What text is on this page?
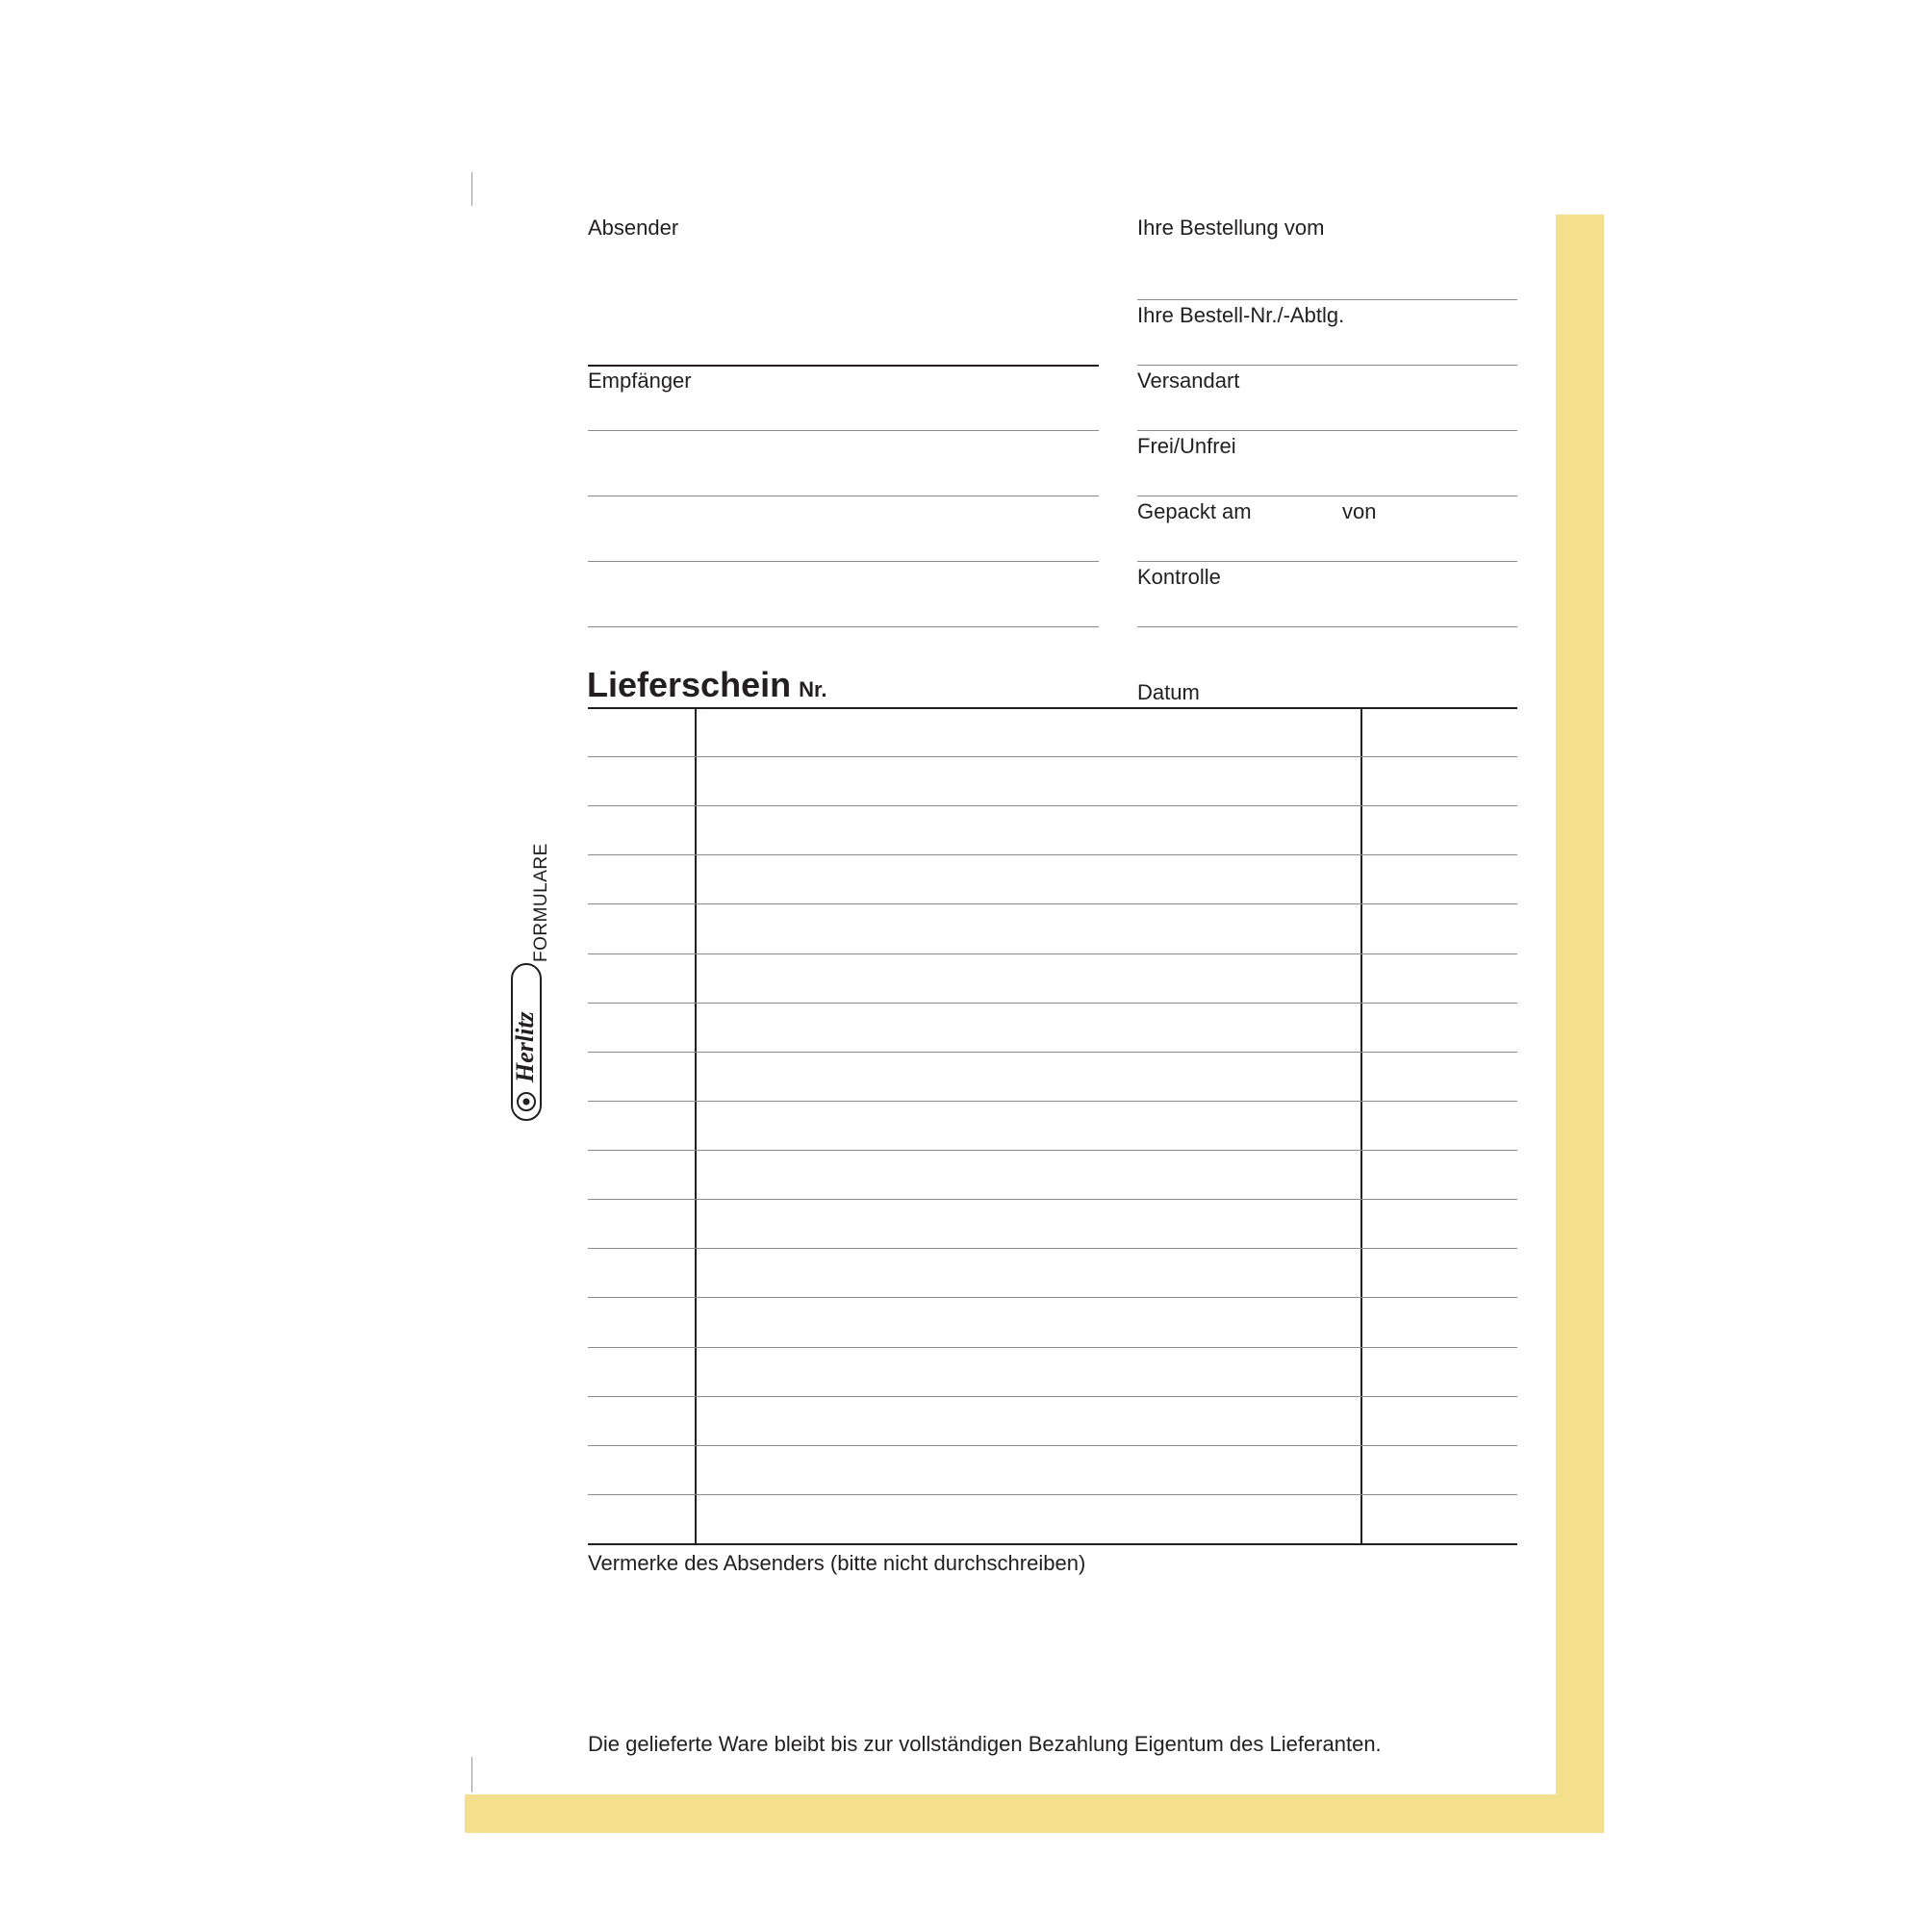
Absender
Empfänger
Ihre Bestellung vom
Ihre Bestell-Nr./-Abtlg.
Versandart
Frei/Unfrei
Gepackt am	von
Kontrolle
Lieferschein Nr.	Datum
Vermerke des Absenders (bitte nicht durchschreiben)
Die gelieferte Ware bleibt bis zur vollständigen Bezahlung Eigentum des Lieferanten.
Herlitz
FORMULARE
